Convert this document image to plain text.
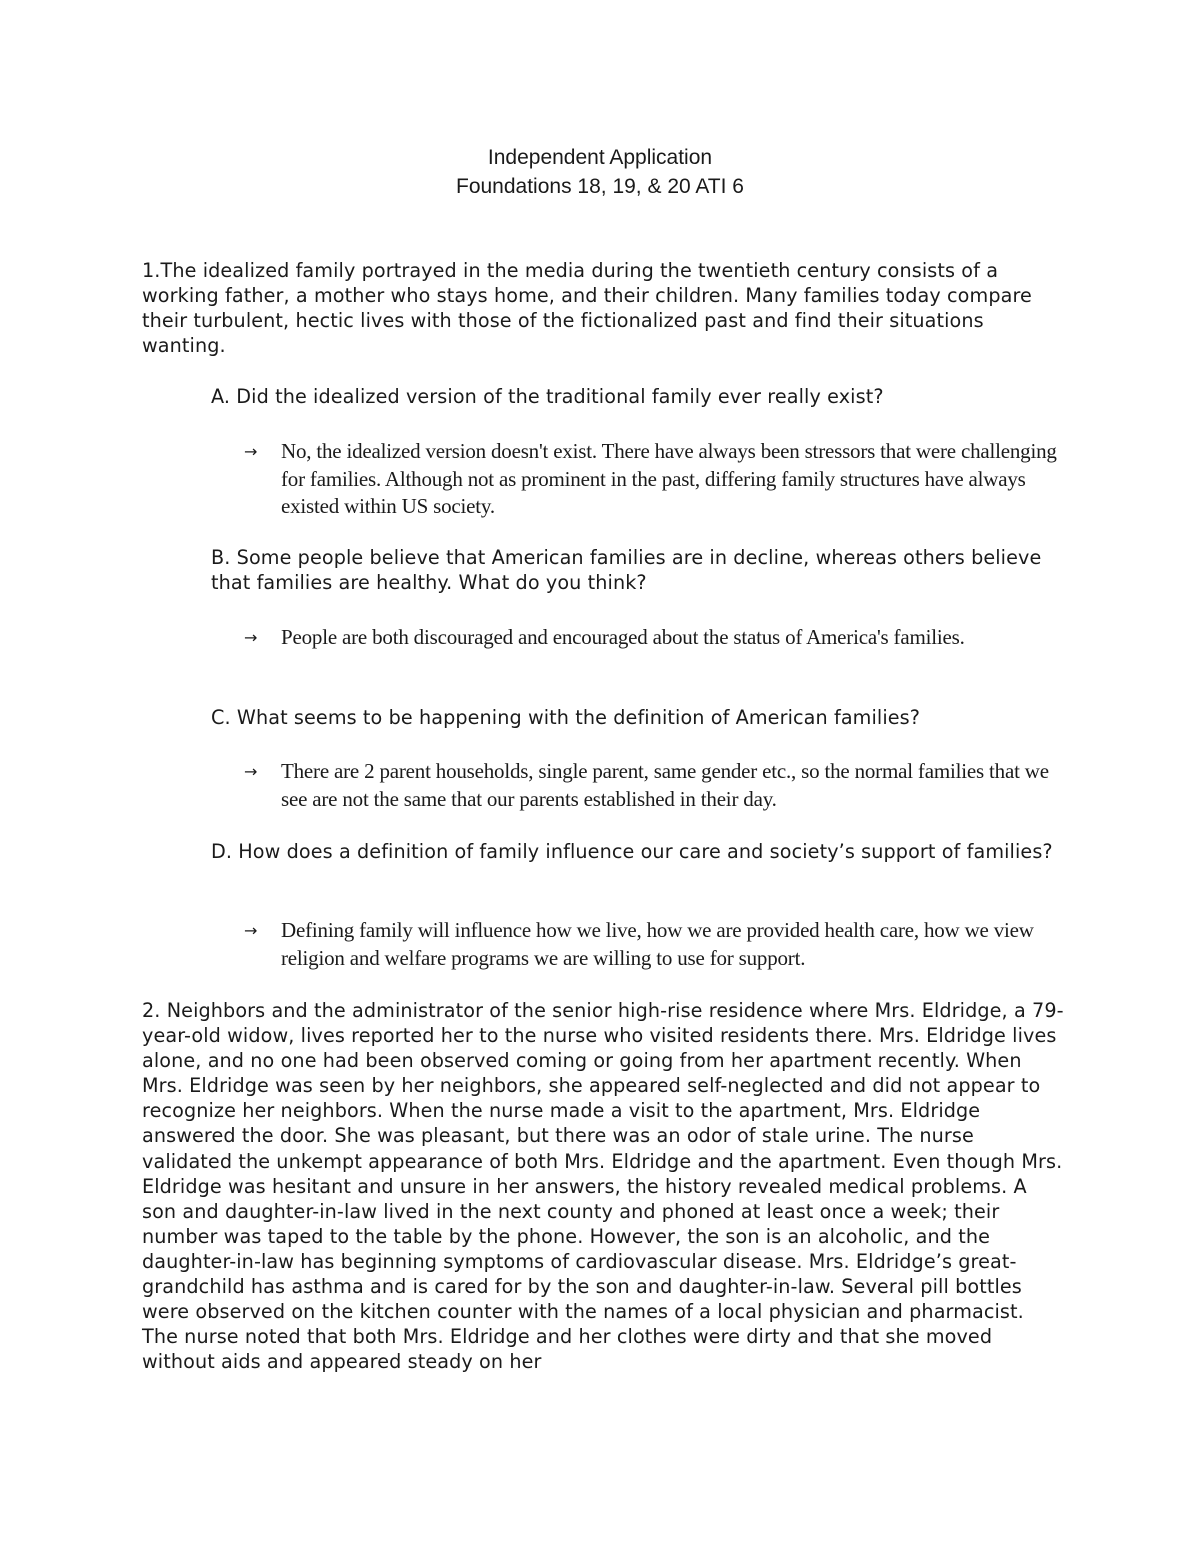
Independent Application
Foundations 18, 19, & 20 ATI 6

1.The idealized family portrayed in the media during the twentieth century consists of a working father, a mother who stays home, and their children. Many families today compare their turbulent, hectic lives with those of the fictionalized past and find their situations wanting.

A. Did the idealized version of the traditional family ever really exist?

→	No, the idealized version doesn't exist. There have always been stressors that were challenging for families. Although not as prominent in the past, differing family structures have always existed within US society.

B. Some people believe that American families are in decline, whereas others believe that families are healthy. What do you think?

→	People are both discouraged and encouraged about the status of America's families.

C. What seems to be happening with the definition of American families?

→	There are 2 parent households, single parent, same gender etc., so the normal families that we see are not the same that our parents established in their day.

D. How does a definition of family influence our care and society’s support of families?

→	Defining family will influence how we live, how we are provided health care, how we view religion and welfare programs we are willing to use for support.

2. Neighbors and the administrator of the senior high-rise residence where Mrs. Eldridge, a 79-year-old widow, lives reported her to the nurse who visited residents there. Mrs. Eldridge lives alone, and no one had been observed coming or going from her apartment recently. When Mrs. Eldridge was seen by her neighbors, she appeared self-neglected and did not appear to recognize her neighbors. When the nurse made a visit to the apartment, Mrs. Eldridge answered the door. She was pleasant, but there was an odor of stale urine. The nurse validated the unkempt appearance of both Mrs. Eldridge and the apartment. Even though Mrs. Eldridge was hesitant and unsure in her answers, the history revealed medical problems. A son and daughter-in-law lived in the next county and phoned at least once a week; their number was taped to the table by the phone. However, the son is an alcoholic, and the daughter-in-law has beginning symptoms of cardiovascular disease. Mrs. Eldridge’s great-grandchild has asthma and is cared for by the son and daughter-in-law. Several pill bottles were observed on the kitchen counter with the names of a local physician and pharmacist. The nurse noted that both Mrs. Eldridge and her clothes were dirty and that she moved without aids and appeared steady on her
